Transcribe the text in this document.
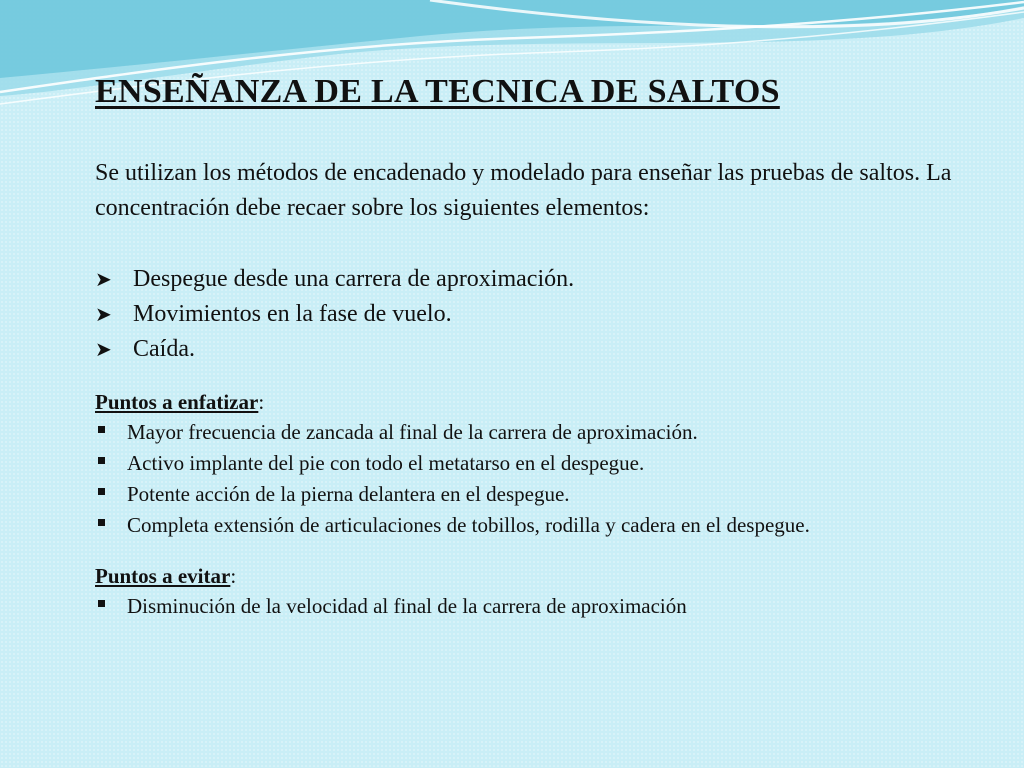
ENSEÑANZA DE LA TECNICA DE SALTOS

Se utilizan los métodos de encadenado y modelado para enseñar las pruebas de saltos. La concentración debe recaer sobre los siguientes elementos:

➤ Despegue desde una carrera de aproximación.
➤ Movimientos en la fase de vuelo.
➤ Caída.

Puntos a enfatizar:

Mayor frecuencia de zancada al final de la carrera de aproximación.
Activo implante del pie con todo el metatarso en el despegue.
Potente acción de la pierna delantera en el despegue.
Completa extensión de articulaciones de tobillos, rodilla y cadera en el despegue.

Puntos a evitar:

Disminución de la velocidad al final de la carrera de aproximación
